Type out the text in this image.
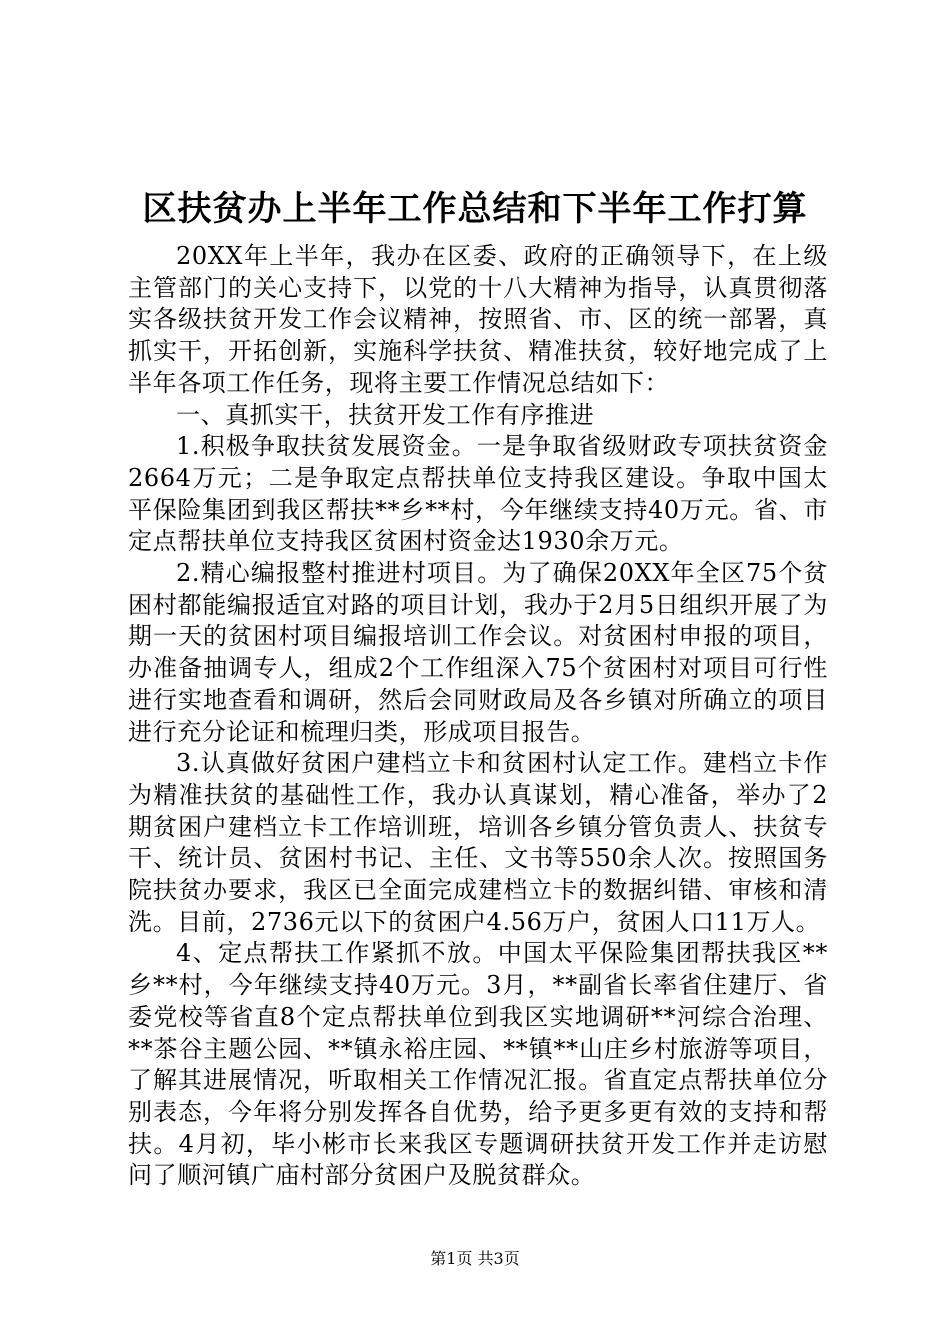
区扶贫办上半年工作总结和下半年工作打算

20XX年上半年，我办在区委、政府的正确领导下，在上级主管部门的关心支持下，以党的十八大精神为指导，认真贯彻落实各级扶贫开发工作会议精神，按照省、市、区的统一部署，真抓实干，开拓创新，实施科学扶贫、精准扶贫，较好地完成了上半年各项工作任务，现将主要工作情况总结如下：

一、真抓实干，扶贫开发工作有序推进

1.积极争取扶贫发展资金。一是争取省级财政专项扶贫资金2664万元；二是争取定点帮扶单位支持我区建设。争取中国太平保险集团到我区帮扶**乡**村，今年继续支持40万元。省、市定点帮扶单位支持我区贫困村资金达1930余万元。

2.精心编报整村推进村项目。为了确保20XX年全区75个贫困村都能编报适宜对路的项目计划，我办于2月5日组织开展了为期一天的贫困村项目编报培训工作会议。对贫困村申报的项目，办准备抽调专人，组成2个工作组深入75个贫困村对项目可行性进行实地查看和调研，然后会同财政局及各乡镇对所确立的项目进行充分论证和梳理归类，形成项目报告。

3.认真做好贫困户建档立卡和贫困村认定工作。建档立卡作为精准扶贫的基础性工作，我办认真谋划，精心准备，举办了2期贫困户建档立卡工作培训班，培训各乡镇分管负责人、扶贫专干、统计员、贫困村书记、主任、文书等550余人次。按照国务院扶贫办要求，我区已全面完成建档立卡的数据纠错、审核和清洗。目前，2736元以下的贫困户4.56万户，贫困人口11万人。

4、定点帮扶工作紧抓不放。中国太平保险集团帮扶我区**乡**村，今年继续支持40万元。3月，**副省长率省住建厅、省委党校等省直8个定点帮扶单位到我区实地调研**河综合治理、**茶谷主题公园、**镇永裕庄园、**镇**山庄乡村旅游等项目，了解其进展情况，听取相关工作情况汇报。省直定点帮扶单位分别表态，今年将分别发挥各自优势，给予更多更有效的支持和帮扶。4月初，毕小彬市长来我区专题调研扶贫开发工作并走访慰问了顺河镇广庙村部分贫困户及脱贫群众。

第1页 共3页
